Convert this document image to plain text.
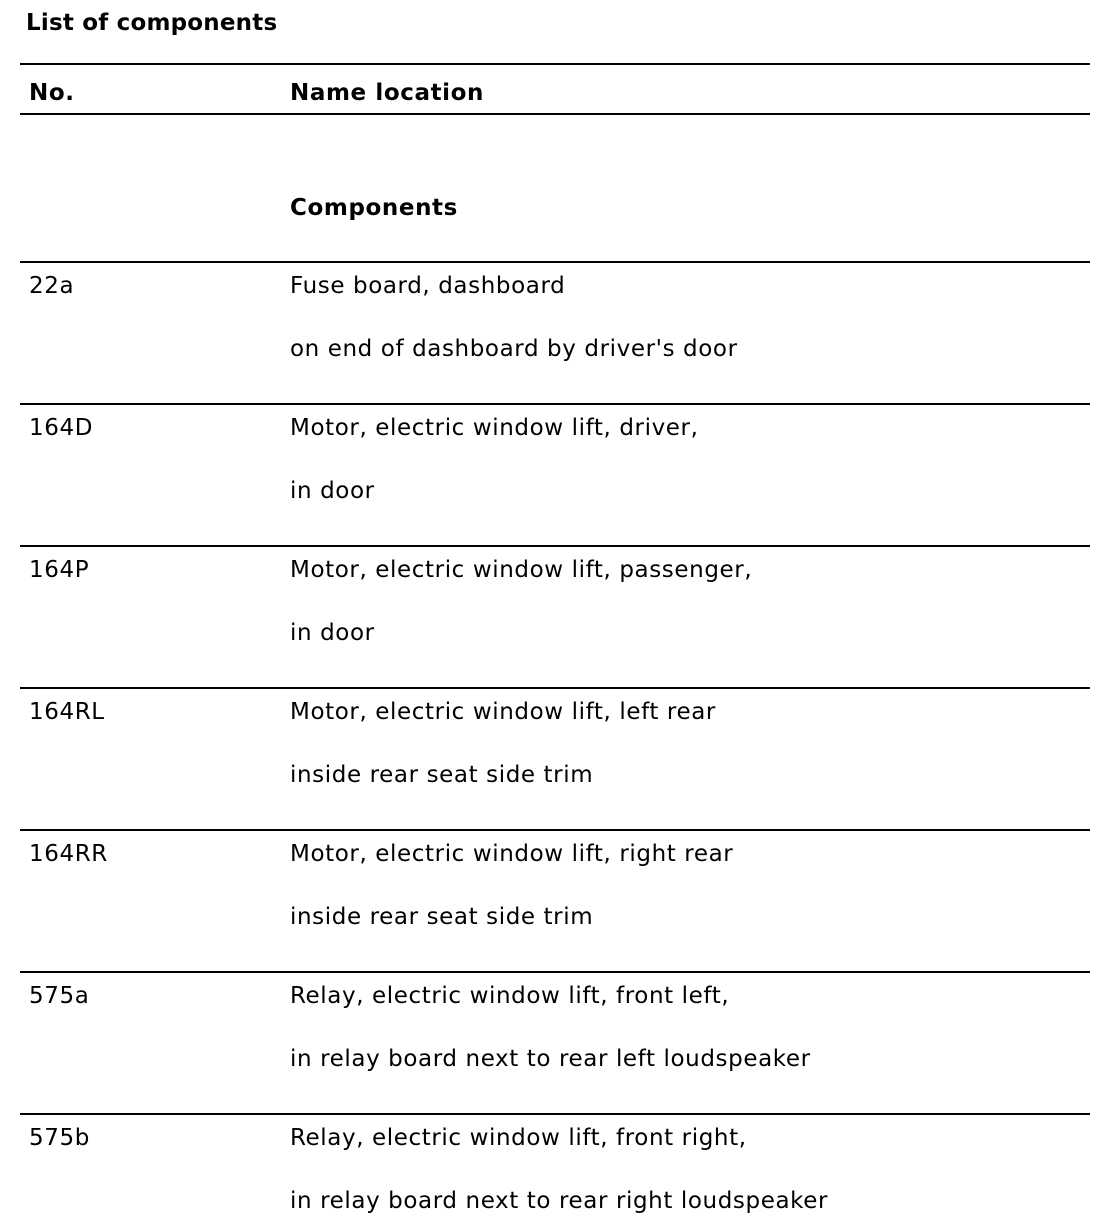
List of components
No.	Name location
Components
22a	Fuse board, dashboard
on end of dashboard by driver's door
164D	Motor, electric window lift, driver,
in door
164P	Motor, electric window lift, passenger,
in door
164RL	Motor, electric window lift, left rear
inside rear seat side trim
164RR	Motor, electric window lift, right rear
inside rear seat side trim
575a	Relay, electric window lift, front left,
in relay board next to rear left loudspeaker
575b	Relay, electric window lift, front right,
in relay board next to rear right loudspeaker
